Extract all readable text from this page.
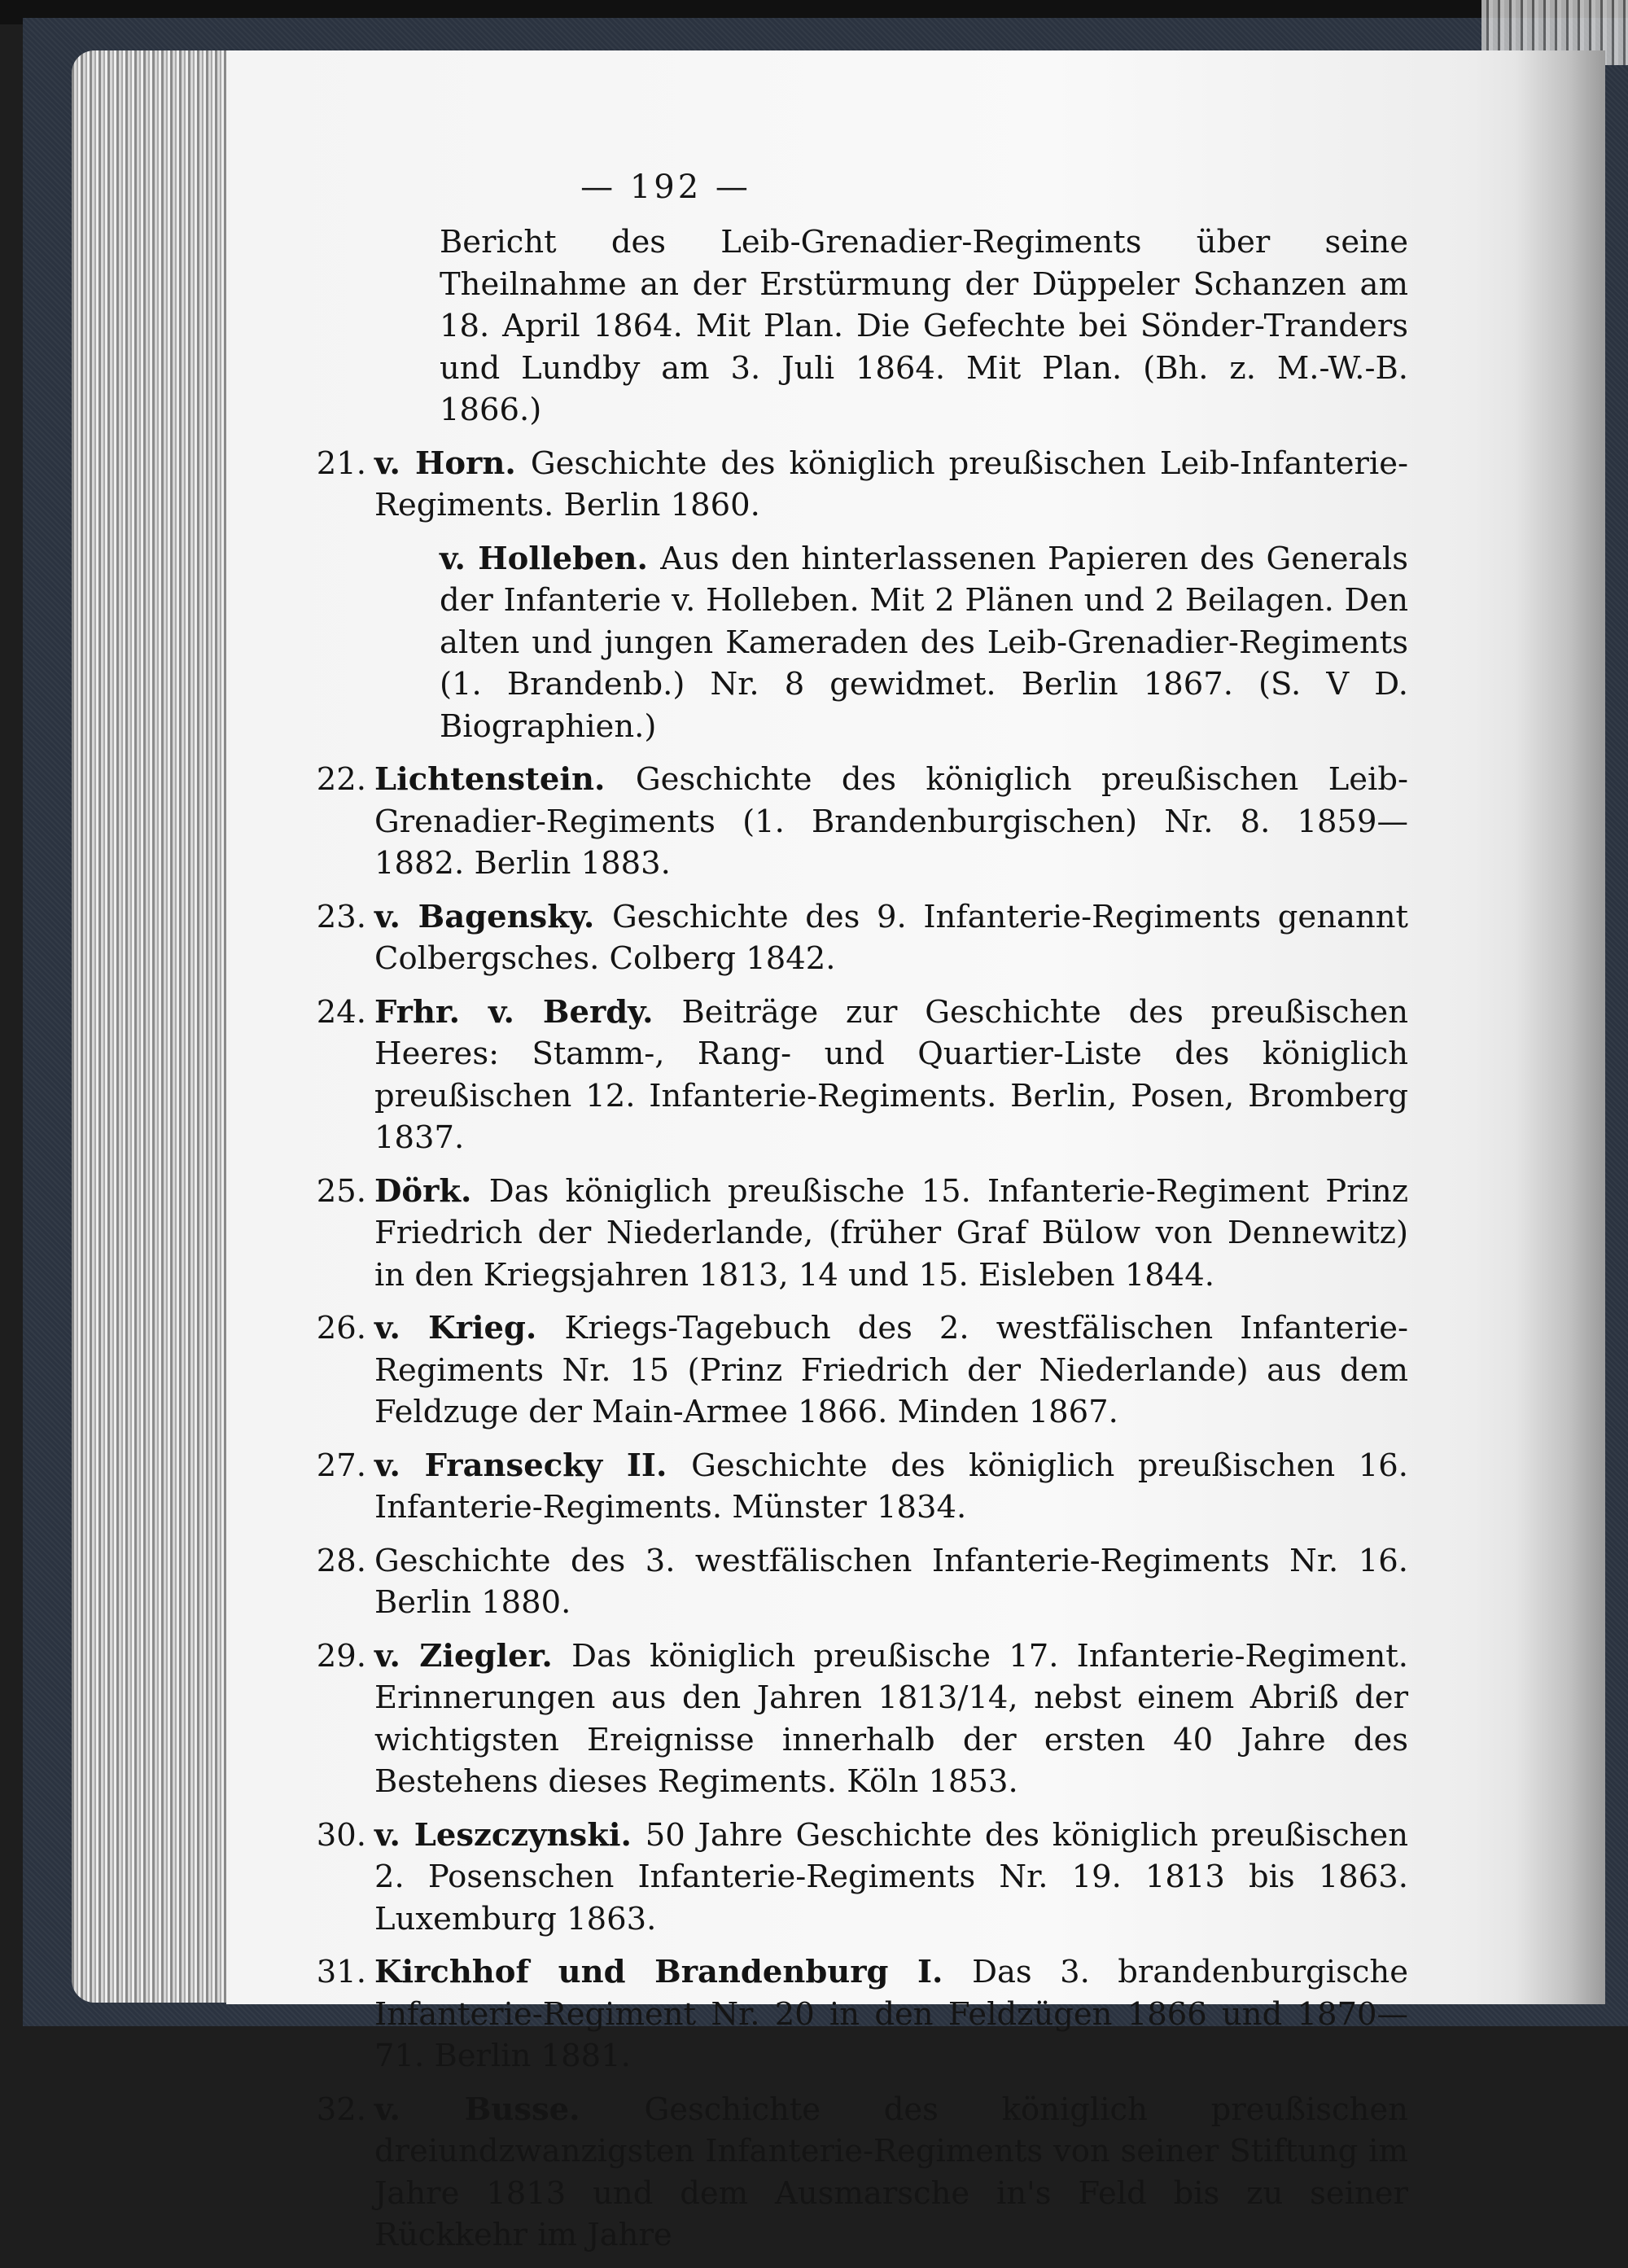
— 192 —
Bericht des Leib-Grenadier-Regiments über seine Theilnahme an der Erstürmung der Düppeler Schanzen am 18. April 1864. Mit Plan. Die Gefechte bei Sönder-Tranders und Lundby am 3. Juli 1864. Mit Plan. (Bh. z. M.-W.-B. 1866.)
21. v. Horn. Geschichte des königlich preußischen Leib-Infanterie-Regiments. Berlin 1860.
v. Holleben. Aus den hinterlassenen Papieren des Generals der Infanterie v. Holleben. Mit 2 Plänen und 2 Beilagen. Den alten und jungen Kameraden des Leib-Grenadier-Regiments (1. Brandenb.) Nr. 8 gewidmet. Berlin 1867. (S. V D. Biographien.)
22. Lichtenstein. Geschichte des königlich preußischen Leib-Grenadier-Regiments (1. Brandenburgischen) Nr. 8. 1859—1882. Berlin 1883.
23. v. Bagensky. Geschichte des 9. Infanterie-Regiments genannt Colbergsches. Colberg 1842.
24. Frhr. v. Berdy. Beiträge zur Geschichte des preußischen Heeres: Stamm-, Rang- und Quartier-Liste des königlich preußischen 12. Infanterie-Regiments. Berlin, Posen, Bromberg 1837.
25. Dörk. Das königlich preußische 15. Infanterie-Regiment Prinz Friedrich der Niederlande, (früher Graf Bülow von Dennewitz) in den Kriegsjahren 1813, 14 und 15. Eisleben 1844.
26. v. Krieg. Kriegs-Tagebuch des 2. westfälischen Infanterie-Regiments Nr. 15 (Prinz Friedrich der Niederlande) aus dem Feldzuge der Main-Armee 1866. Minden 1867.
27. v. Fransecky II. Geschichte des königlich preußischen 16. Infanterie-Regiments. Münster 1834.
28. Geschichte des 3. westfälischen Infanterie-Regiments Nr. 16. Berlin 1880.
29. v. Ziegler. Das königlich preußische 17. Infanterie-Regiment. Erinnerungen aus den Jahren 1813/14, nebst einem Abriß der wichtigsten Ereignisse innerhalb der ersten 40 Jahre des Bestehens dieses Regiments. Köln 1853.
30. v. Leszczynski. 50 Jahre Geschichte des königlich preußischen 2. Posenschen Infanterie-Regiments Nr. 19. 1813 bis 1863. Luxemburg 1863.
31. Kirchhof und Brandenburg I. Das 3. brandenburgische Infanterie-Regiment Nr. 20 in den Feldzügen 1866 und 1870—71. Berlin 1881.
32. v. Busse. Geschichte des königlich preußischen dreiundzwanzigsten Infanterie-Regiments von seiner Stiftung im Jahre 1813 und dem Ausmarsche in's Feld bis zu seiner Rückkehr im Jahre
